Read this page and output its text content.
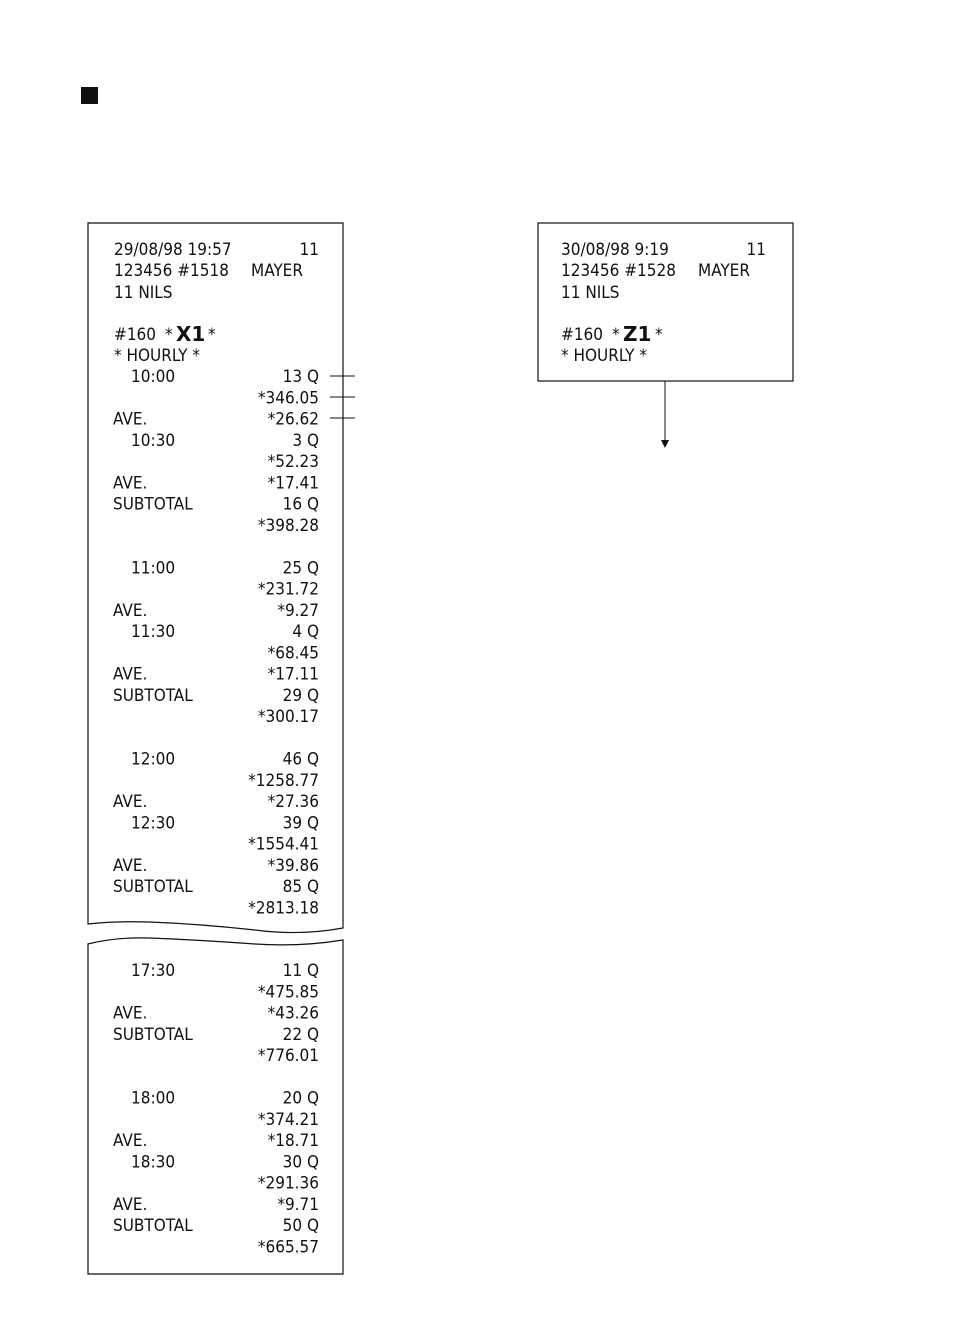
29/08/98 19:57	11
123456 #1518 MAYER
11 NILS
#160 * X1 *
* HOURLY *
10:00	13 Q
*346.05
AVE.	*26.62
10:30	3 Q
*52.23
AVE.	*17.41
SUBTOTAL	16 Q
*398.28
11:00	25 Q
*231.72
AVE.	*9.27
11:30	4 Q
*68.45
AVE.	*17.11
SUBTOTAL	29 Q
*300.17
12:00	46 Q
*1258.77
AVE.	*27.36
12:30	39 Q
*1554.41
AVE.	*39.86
SUBTOTAL	85 Q
*2813.18
17:30	11 Q
*475.85
AVE.	*43.26
SUBTOTAL	22 Q
*776.01
18:00	20 Q
*374.21
AVE.	*18.71
18:30	30 Q
*291.36
AVE.	*9.71
SUBTOTAL	50 Q
*665.57
30/08/98 9:19	11
123456 #1528 MAYER
11 NILS
#160 * Z1 *
* HOURLY *
